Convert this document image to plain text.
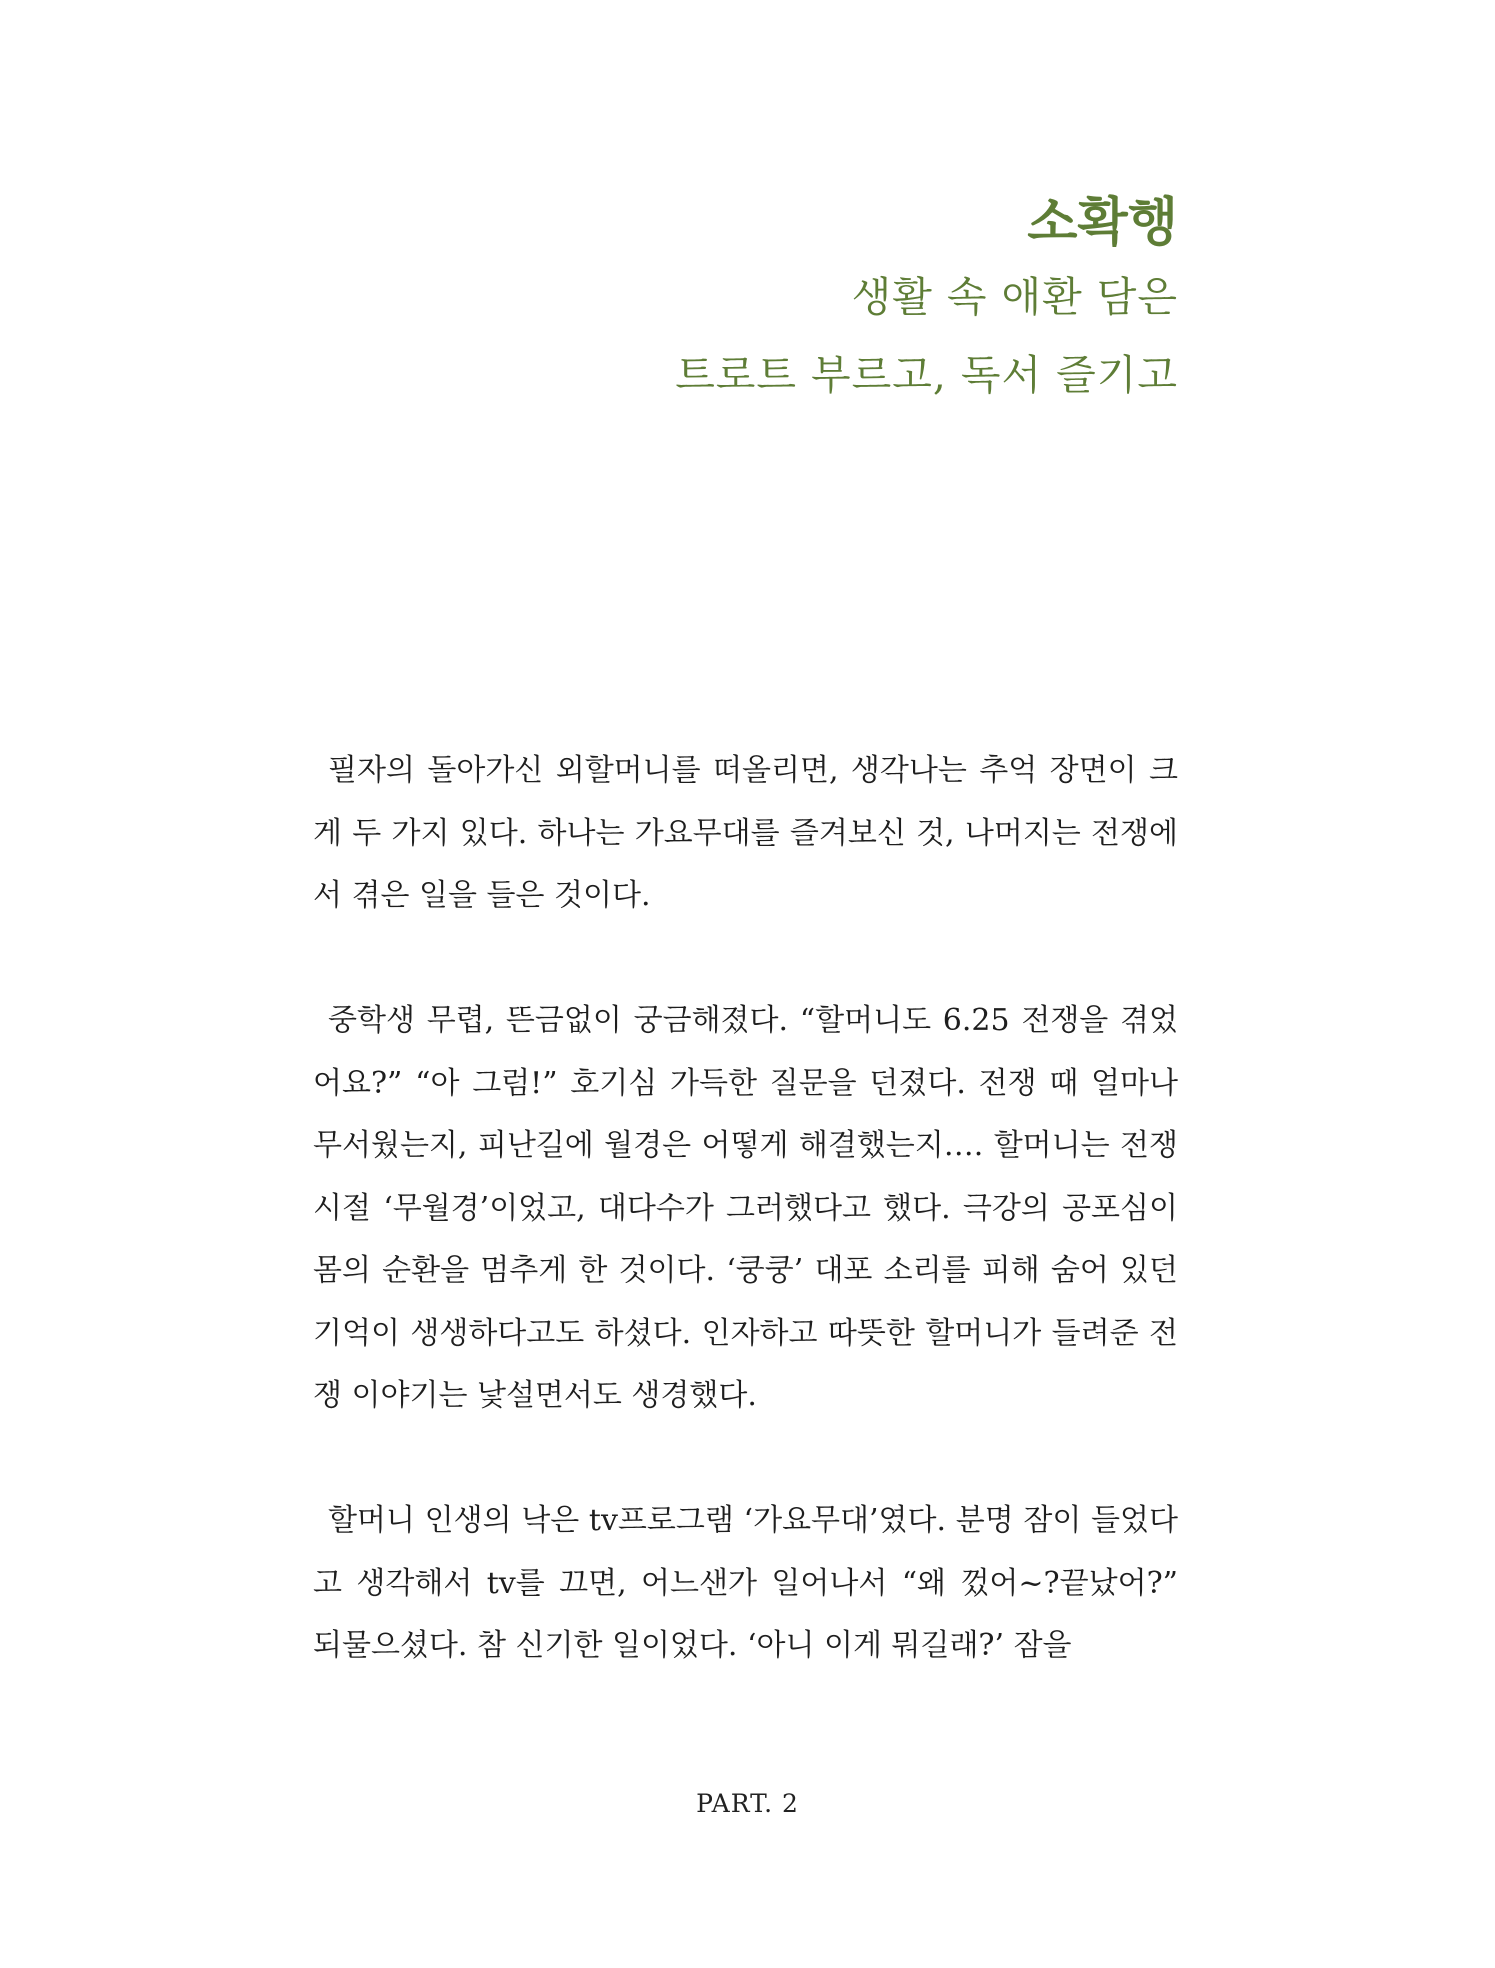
소확행

생활 속 애환 담은

트로트 부르고, 독서 즐기고

필자의 돌아가신 외할머니를 떠올리면, 생각나는 추억 장면이 크게 두 가지 있다. 하나는 가요무대를 즐겨보신 것, 나머지는 전쟁에서 겪은 일을 들은 것이다.

중학생 무렵, 뜬금없이 궁금해졌다. “할머니도 6.25 전쟁을 겪었어요?” “아 그럼!” 호기심 가득한 질문을 던졌다. 전쟁 때 얼마나 무서웠는지, 피난길에 월경은 어떻게 해결했는지…. 할머니는 전쟁 시절 ‘무월경’이었고, 대다수가 그러했다고 했다. 극강의 공포심이 몸의 순환을 멈추게 한 것이다. ‘쿵쿵’ 대포 소리를 피해 숨어 있던 기억이 생생하다고도 하셨다. 인자하고 따뜻한 할머니가 들려준 전쟁 이야기는 낯설면서도 생경했다.

할머니 인생의 낙은 tv프로그램 ‘가요무대’였다. 분명 잠이 들었다고 생각해서 tv를 끄면, 어느샌가 일어나서 “왜 껐어~?끝났어?” 되물으셨다. 참 신기한 일이었다. ‘아니 이게 뭐길래?’ 잠을

PART. 2
